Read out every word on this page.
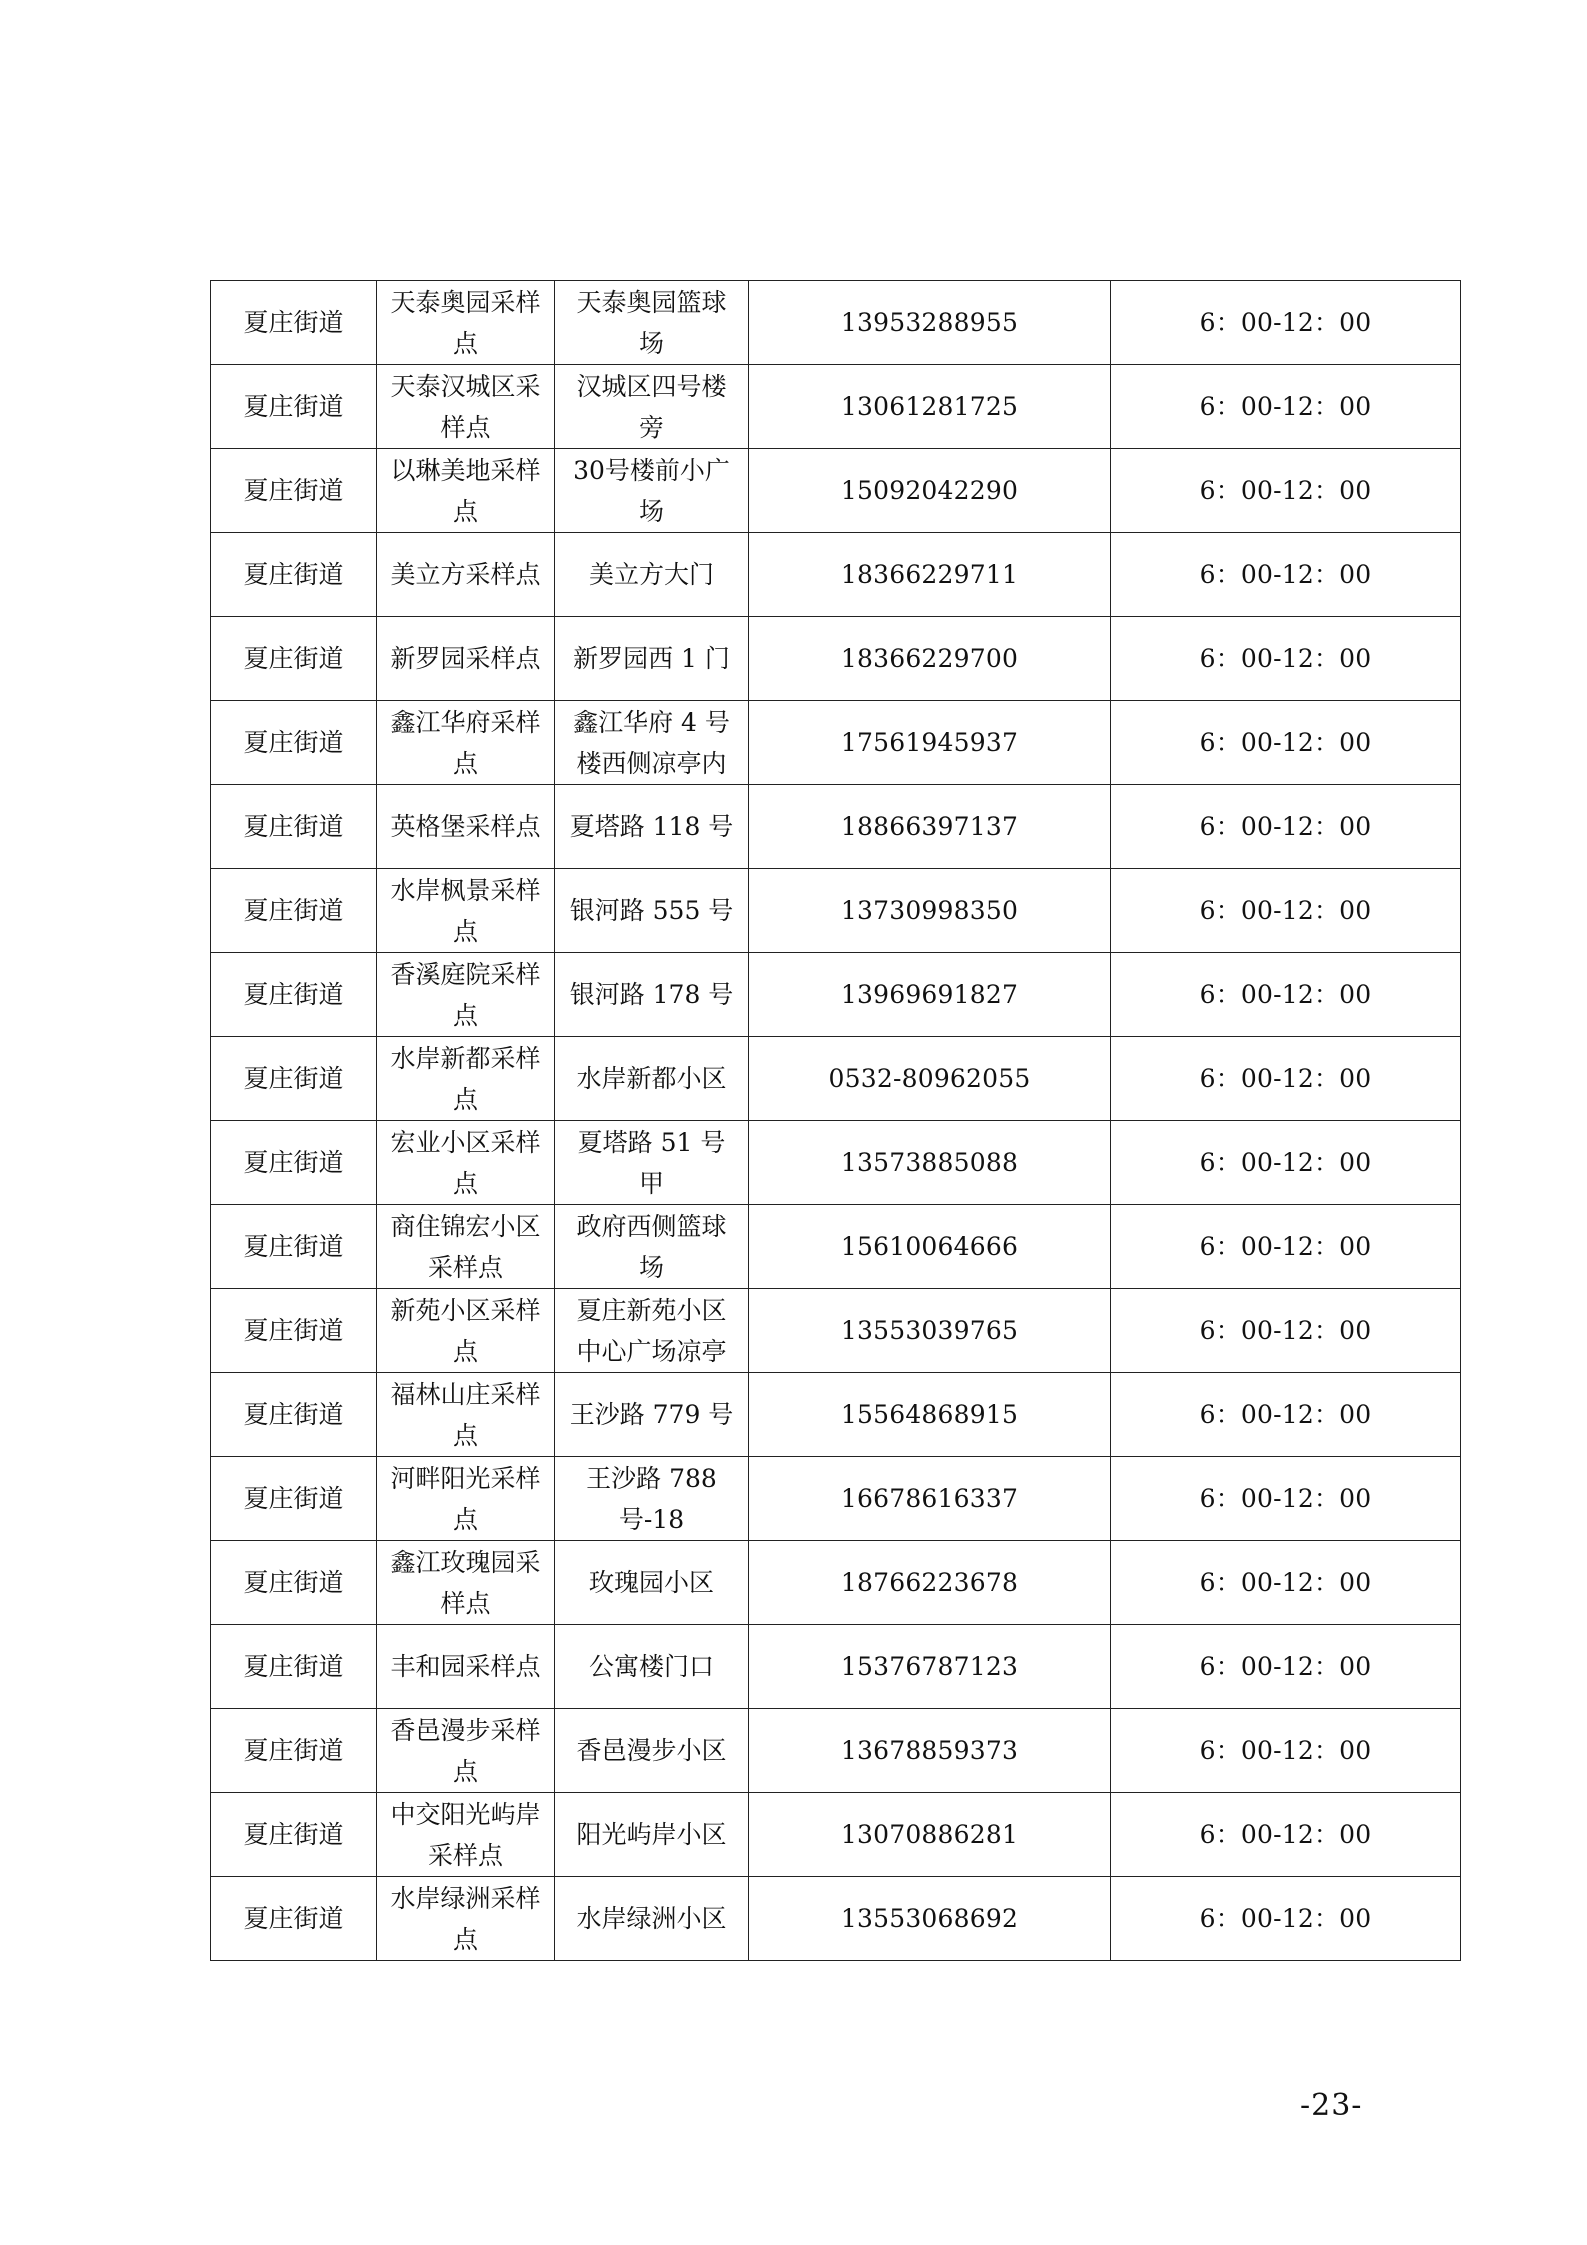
夏庄街道	天泰奥园采样点	天泰奥园篮球场	13953288955	6：00-12：00
夏庄街道	天泰汉城区采样点	汉城区四号楼旁	13061281725	6：00-12：00
夏庄街道	以琳美地采样点	30号楼前小广场	15092042290	6：00-12：00
夏庄街道	美立方采样点	美立方大门	18366229711	6：00-12：00
夏庄街道	新罗园采样点	新罗园西 1 门	18366229700	6：00-12：00
夏庄街道	鑫江华府采样点	鑫江华府 4 号楼西侧凉亭内	17561945937	6：00-12：00
夏庄街道	英格堡采样点	夏塔路 118 号	18866397137	6：00-12：00
夏庄街道	水岸枫景采样点	银河路 555 号	13730998350	6：00-12：00
夏庄街道	香溪庭院采样点	银河路 178 号	13969691827	6：00-12：00
夏庄街道	水岸新都采样点	水岸新都小区	0532-80962055	6：00-12：00
夏庄街道	宏业小区采样点	夏塔路 51 号甲	13573885088	6：00-12：00
夏庄街道	商住锦宏小区采样点	政府西侧篮球场	15610064666	6：00-12：00
夏庄街道	新苑小区采样点	夏庄新苑小区中心广场凉亭	13553039765	6：00-12：00
夏庄街道	福林山庄采样点	王沙路 779 号	15564868915	6：00-12：00
夏庄街道	河畔阳光采样点	王沙路 788 号-18	16678616337	6：00-12：00
夏庄街道	鑫江玫瑰园采样点	玫瑰园小区	18766223678	6：00-12：00
夏庄街道	丰和园采样点	公寓楼门口	15376787123	6：00-12：00
夏庄街道	香邑漫步采样点	香邑漫步小区	13678859373	6：00-12：00
夏庄街道	中交阳光屿岸采样点	阳光屿岸小区	13070886281	6：00-12：00
夏庄街道	水岸绿洲采样点	水岸绿洲小区	13553068692	6：00-12：00
-23-
